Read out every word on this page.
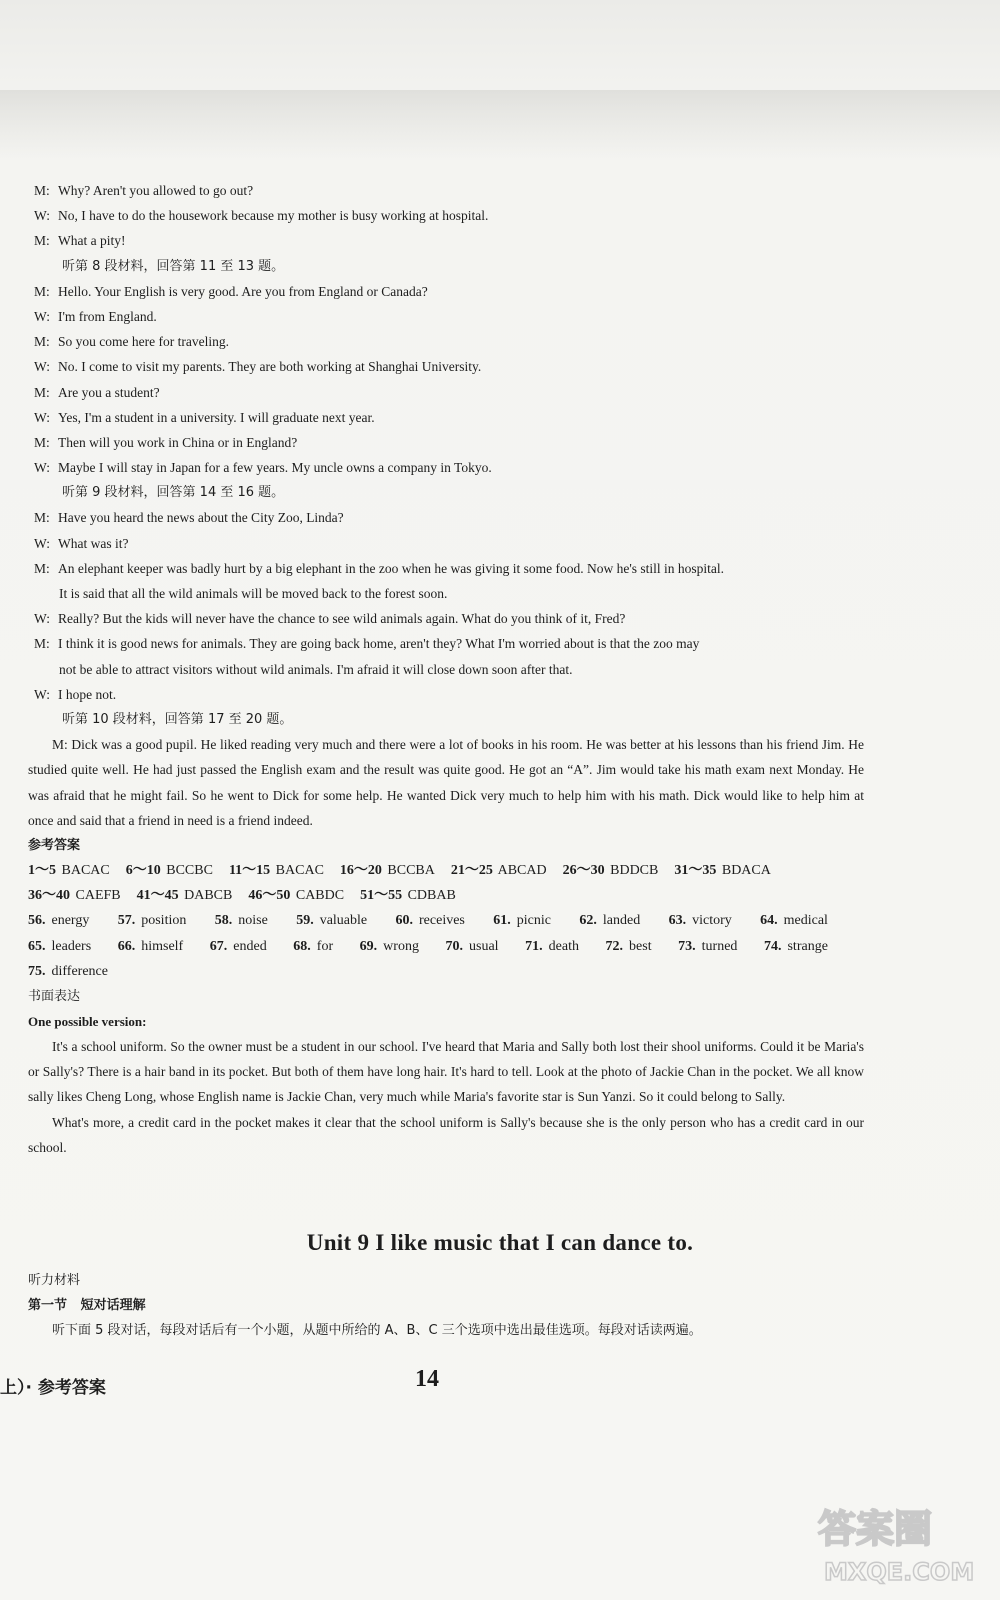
M: Why? Aren't you allowed to go out?
W: No, I have to do the housework because my mother is busy working at hospital.
M: What a pity!
听第 8 段材料，回答第 11 至 13 题。
M: Hello. Your English is very good. Are you from England or Canada?
W: I'm from England.
M: So you come here for traveling.
W: No. I come to visit my parents. They are both working at Shanghai University.
M: Are you a student?
W: Yes, I'm a student in a university. I will graduate next year.
M: Then will you work in China or in England?
W: Maybe I will stay in Japan for a few years. My uncle owns a company in Tokyo.
听第 9 段材料，回答第 14 至 16 题。
M: Have you heard the news about the City Zoo, Linda?
W: What was it?
M: An elephant keeper was badly hurt by a big elephant in the zoo when he was giving it some food. Now he's still in hospital.
It is said that all the wild animals will be moved back to the forest soon.
W: Really? But the kids will never have the chance to see wild animals again. What do you think of it, Fred?
M: I think it is good news for animals. They are going back home, aren't they? What I'm worried about is that the zoo may
not be able to attract visitors without wild animals. I'm afraid it will close down soon after that.
W: I hope not.
听第 10 段材料，回答第 17 至 20 题。
M: Dick was a good pupil. He liked reading very much and there were a lot of books in his room. He was better at his lessons than his friend Jim. He studied quite well. He had just passed the English exam and the result was quite good. He got an “A”. Jim would take his math exam next Monday. He was afraid that he might fail. So he went to Dick for some help. He wanted Dick very much to help him with his math. Dick would like to help him at once and said that a friend in need is a friend indeed.
参考答案
1～5 BACAC 6～10 BCCBC 11～15 BACAC 16～20 BCCBA 21～25 ABCAD 26～30 BDDCB 31～35 BDACA
36～40 CAEFB 41～45 DABCB 46～50 CABDC 51～55 CDBAB
56. energy 57. position 58. noise 59. valuable 60. receives 61. picnic 62. landed 63. victory 64. medical
65. leaders 66. himself 67. ended 68. for 69. wrong 70. usual 71. death 72. best 73. turned 74. strange
75. difference
书面表达
One possible version:
It's a school uniform. So the owner must be a student in our school. I've heard that Maria and Sally both lost their shool uniforms. Could it be Maria's or Sally's? There is a hair band in its pocket. But both of them have long hair. It's hard to tell. Look at the photo of Jackie Chan in the pocket. We all know sally likes Cheng Long, whose English name is Jackie Chan, very much while Maria's favorite star is Sun Yanzi. So it could belong to Sally.
What's more, a credit card in the pocket makes it clear that the school uniform is Sally's because she is the only person who has a credit card in our school.
Unit 9 I like music that I can dance to.
听力材料
第一节   短对话理解
听下面 5 段对话，每段对话后有一个小题，从题中所给的 A、B、C 三个选项中选出最佳选项。每段对话读两遍。
上）· 参考答案	14
答案圈
MXQE.COM
